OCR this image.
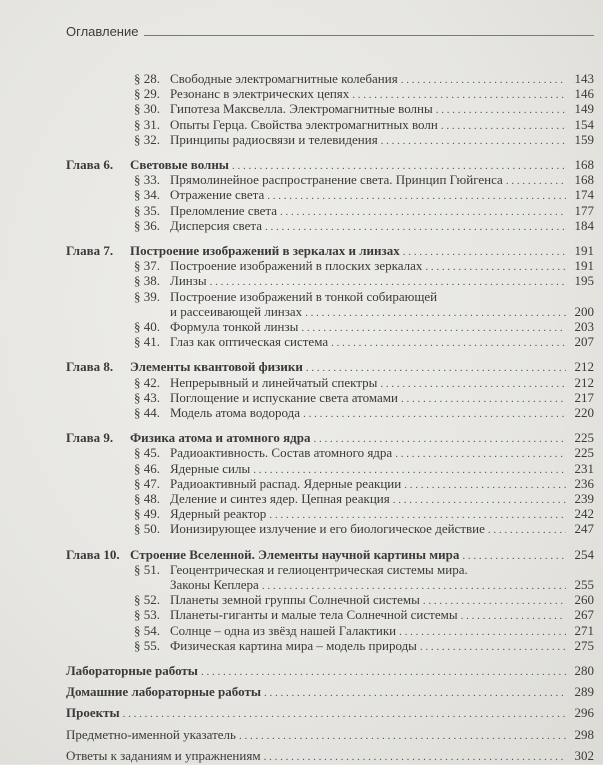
Оглавление
§ 28. Свободные электромагнитные колебания . . .	143
§ 29. Резонанс в электрических цепях . . .	146
§ 30. Гипотеза Максвелла. Электромагнитные волны . . .	149
§ 31. Опыты Герца. Свойства электромагнитных волн . . .	154
§ 32. Принципы радиосвязи и телевидения . . .	159
Глава 6.	Световые волны . . .	168
§ 33. Прямолинейное распространение света. Принцип Гюйгенса . . .	168
§ 34. Отражение света . . .	174
§ 35. Преломление света . . .	177
§ 36. Дисперсия света . . .	184
Глава 7.	Построение изображений в зеркалах и линзах . . .	191
§ 37. Построение изображений в плоских зеркалах . . .	191
§ 38. Линзы . . .	195
§ 39. Построение изображений в тонкой собирающей
и рассеивающей линзах . . .	200
§ 40. Формула тонкой линзы . . .	203
§ 41. Глаз как оптическая система . . .	207
Глава 8.	Элементы квантовой физики . . .	212
§ 42. Непрерывный и линейчатый спектры . . .	212
§ 43. Поглощение и испускание света атомами . . .	217
§ 44. Модель атома водорода . . .	220
Глава 9.	Физика атома и атомного ядра . . .	225
§ 45. Радиоактивность. Состав атомного ядра . . .	225
§ 46. Ядерные силы . . .	231
§ 47. Радиоактивный распад. Ядерные реакции . . .	236
§ 48. Деление и синтез ядер. Цепная реакция . . .	239
§ 49. Ядерный реактор . . .	242
§ 50. Ионизирующее излучение и его биологическое действие . . .	247
Глава 10. Строение Вселенной. Элементы научной картины мира . . .	254
§ 51. Геоцентрическая и гелиоцентрическая системы мира.
Законы Кеплера . . .	255
§ 52. Планеты земной группы Солнечной системы . . .	260
§ 53. Планеты-гиганты и малые тела Солнечной системы . . .	267
§ 54. Солнце – одна из звёзд нашей Галактики . . .	271
§ 55. Физическая картина мира – модель природы . . .	275
Лабораторные работы . . .	280
Домашние лабораторные работы . . .	289
Проекты . . .	296
Предметно-именной указатель . . .	298
Ответы к заданиям и упражнениям . . .	302
